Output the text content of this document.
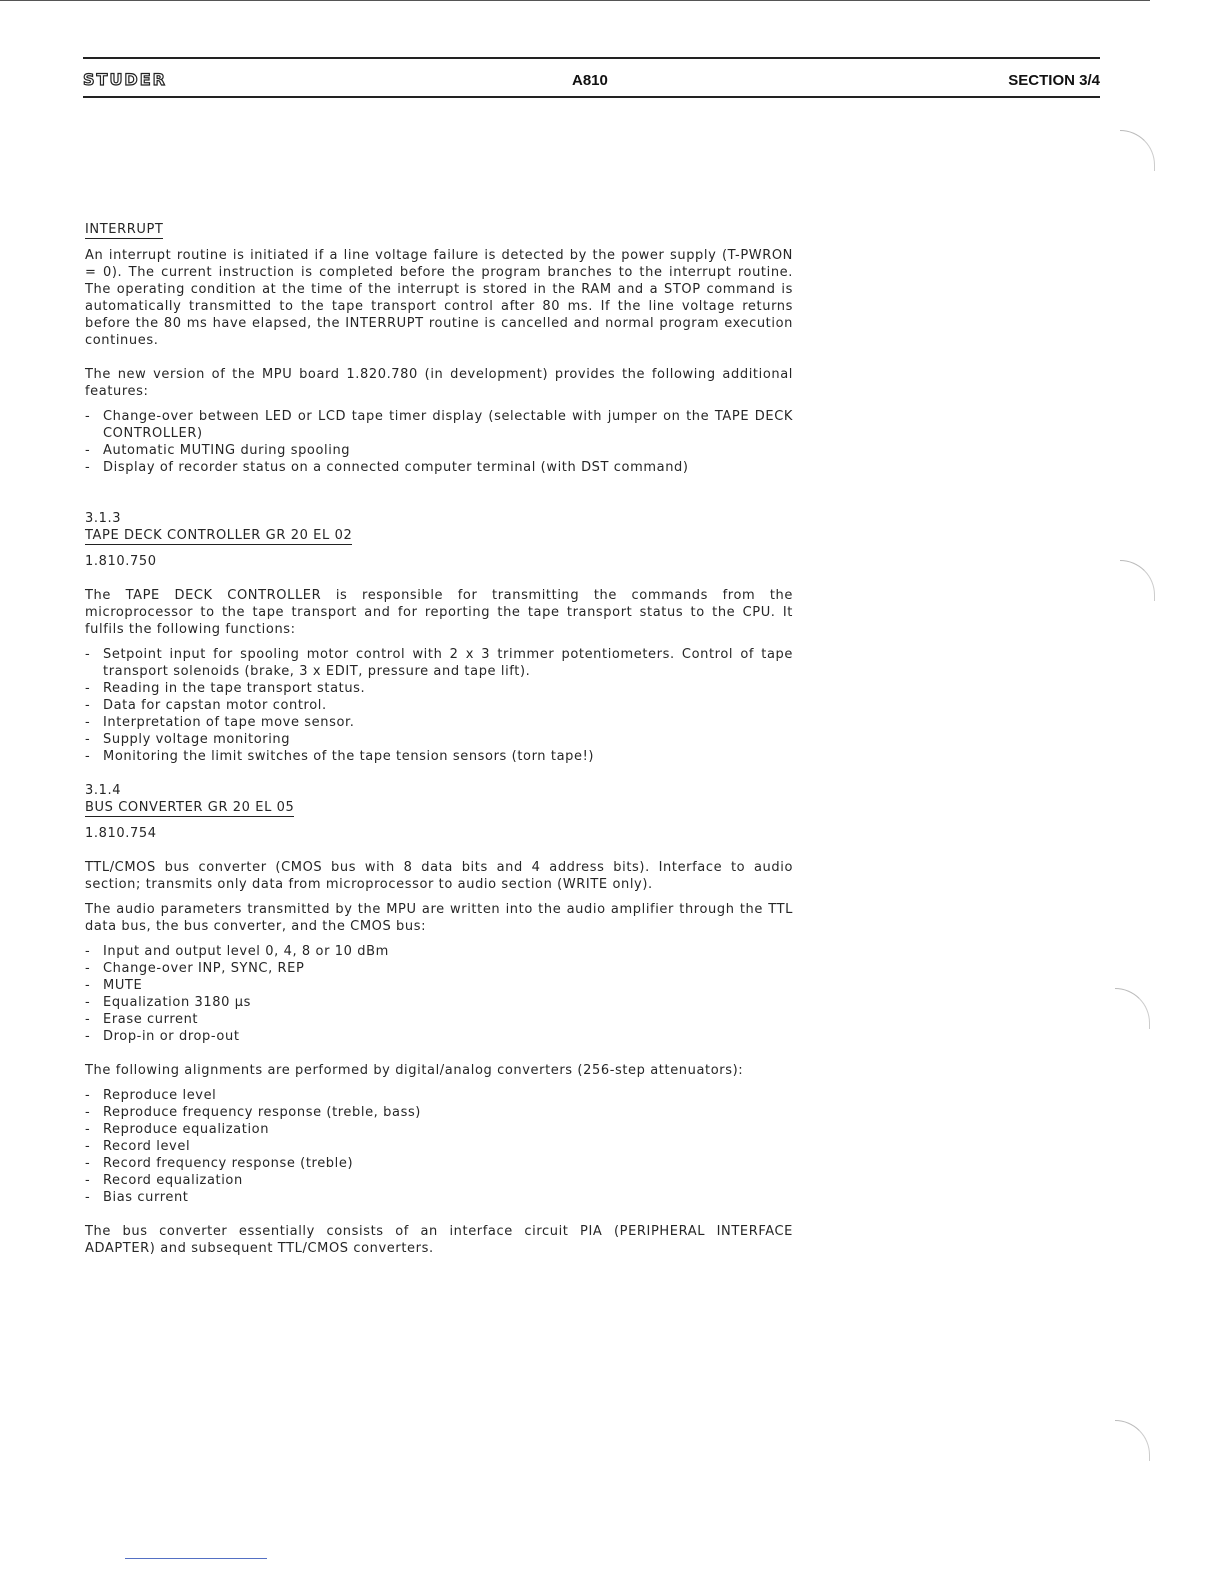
STUDER	A810	SECTION 3/4

INTERRUPT

An interrupt routine is initiated if a line voltage failure is detected by the power supply (T-PWRON = 0). The current instruction is completed before the program branches to the interrupt routine. The operating condition at the time of the interrupt is stored in the RAM and a STOP command is automatically transmitted to the tape transport control after 80 ms. If the line voltage returns before the 80 ms have elapsed, the INTERRUPT routine is cancelled and normal program execution continues.

The new version of the MPU board 1.820.780 (in development) provides the following additional features:

- Change-over between LED or LCD tape timer display (selectable with jumper on the TAPE DECK CONTROLLER)
- Automatic MUTING during spooling
- Display of recorder status on a connected computer terminal (with DST command)

3.1.3

TAPE DECK CONTROLLER GR 20 EL 02

1.810.750

The TAPE DECK CONTROLLER is responsible for transmitting the commands from the microprocessor to the tape transport and for reporting the tape transport status to the CPU. It fulfils the following functions:

- Setpoint input for spooling motor control with 2 x 3 trimmer potentiometers. Control of tape transport solenoids (brake, 3 x EDIT, pressure and tape lift).
- Reading in the tape transport status.
- Data for capstan motor control.
- Interpretation of tape move sensor.
- Supply voltage monitoring
- Monitoring the limit switches of the tape tension sensors (torn tape!)

3.1.4

BUS CONVERTER GR 20 EL 05

1.810.754

TTL/CMOS bus converter (CMOS bus with 8 data bits and 4 address bits). Interface to audio section; transmits only data from microprocessor to audio section (WRITE only).

The audio parameters transmitted by the MPU are written into the audio amplifier through the TTL data bus, the bus converter, and the CMOS bus:

- Input and output level 0, 4, 8 or 10 dBm
- Change-over INP, SYNC, REP
- MUTE
- Equalization 3180 µs
- Erase current
- Drop-in or drop-out

The following alignments are performed by digital/analog converters (256-step attenuators):

- Reproduce level
- Reproduce frequency response (treble, bass)
- Reproduce equalization
- Record level
- Record frequency response (treble)
- Record equalization
- Bias current

The bus converter essentially consists of an interface circuit PIA (PERIPHERAL INTERFACE ADAPTER) and subsequent TTL/CMOS converters.
